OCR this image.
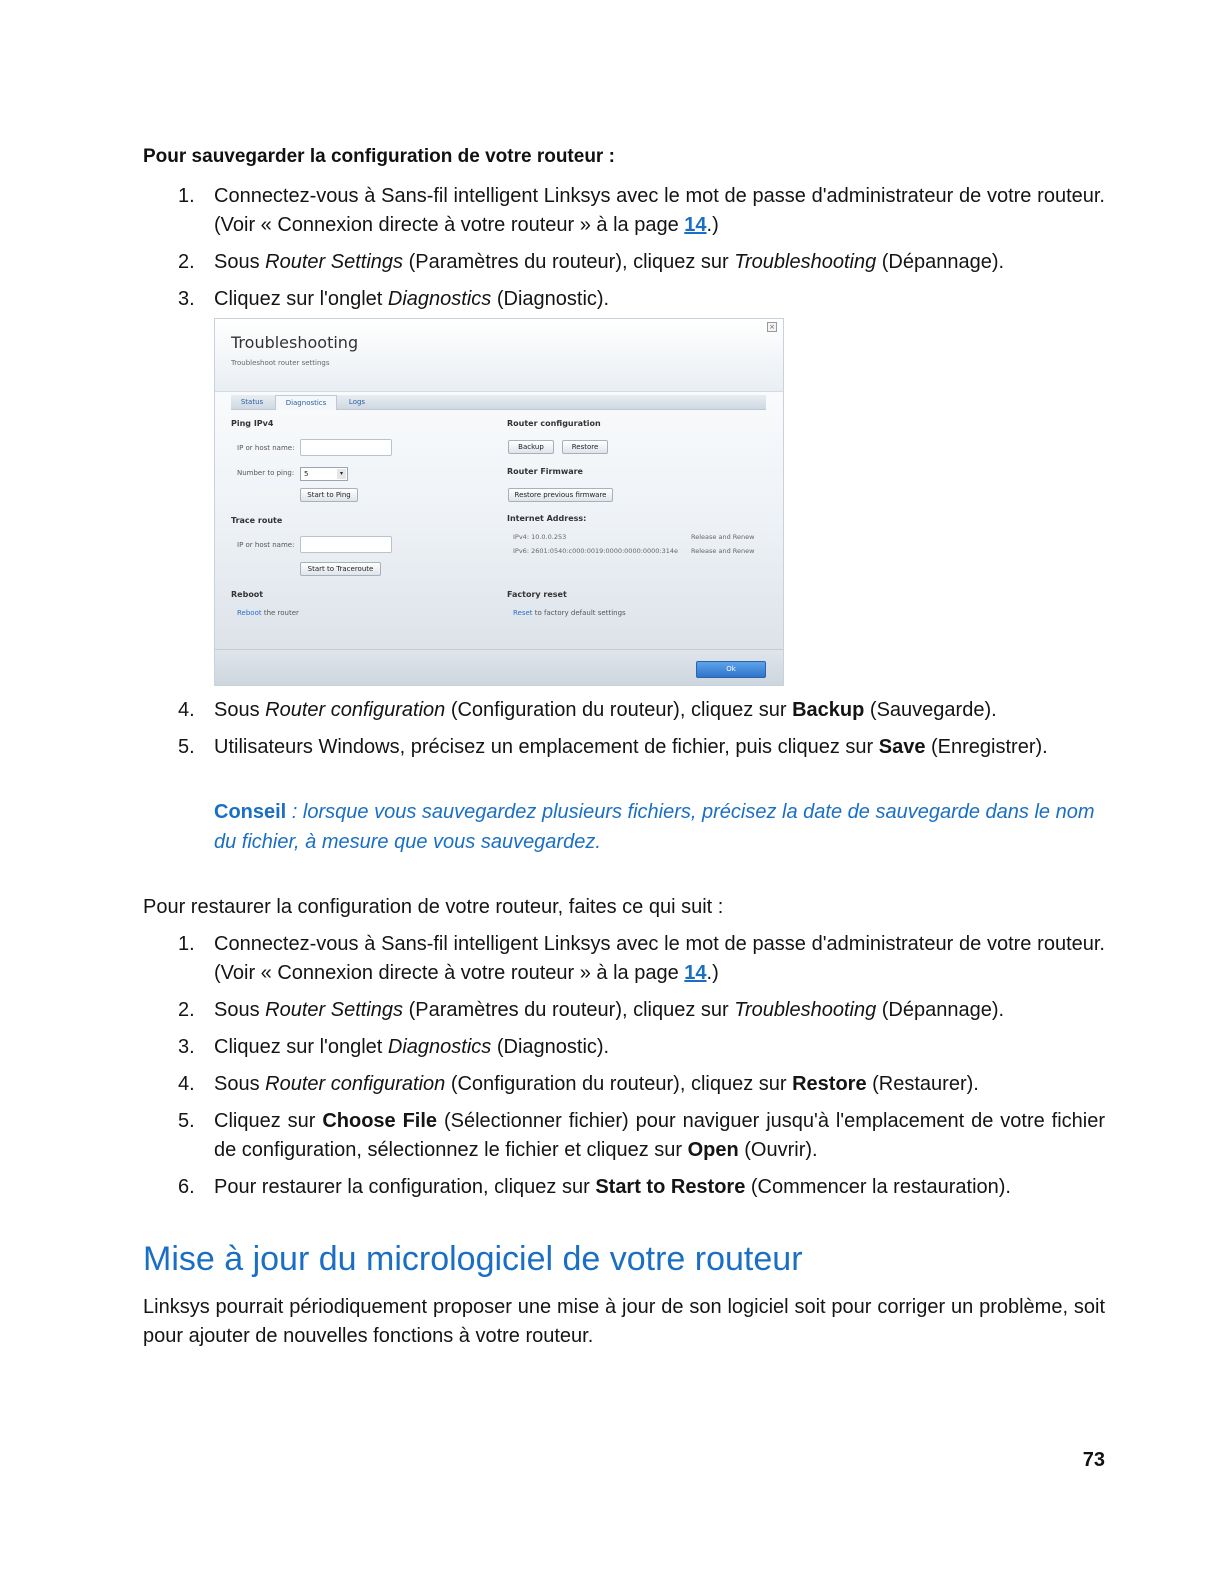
Pour sauvegarder la configuration de votre routeur :
1. Connectez-vous à Sans-fil intelligent Linksys avec le mot de passe d'administrateur de votre routeur. (Voir « Connexion directe à votre routeur » à la page 14.)
2. Sous Router Settings (Paramètres du routeur), cliquez sur Troubleshooting (Dépannage).
3. Cliquez sur l'onglet Diagnostics (Diagnostic).
Troubleshooting
Troubleshoot router settings
×
Status	Diagnostics	Logs
Ping IPv4
IP or host name:
Number to ping:	5	▾
Start to Ping
Trace route
IP or host name:
Start to Traceroute
Reboot
Reboot the router
Router configuration
Backup	Restore
Router Firmware
Restore previous firmware
Internet Address:
IPv4: 10.0.0.253	Release and Renew
IPv6: 2601:0540:c000:0019:0000:0000:0000:314e Release and Renew
Factory reset
Reset to factory default settings
Ok
4. Sous Router configuration (Configuration du routeur), cliquez sur Backup (Sauvegarde).
5. Utilisateurs Windows, précisez un emplacement de fichier, puis cliquez sur Save (Enregistrer).
Conseil : lorsque vous sauvegardez plusieurs fichiers, précisez la date de sauvegarde dans le nom du fichier, à mesure que vous sauvegardez.
Pour restaurer la configuration de votre routeur, faites ce qui suit :
1. Connectez-vous à Sans-fil intelligent Linksys avec le mot de passe d'administrateur de votre routeur. (Voir « Connexion directe à votre routeur » à la page 14.)
2. Sous Router Settings (Paramètres du routeur), cliquez sur Troubleshooting (Dépannage).
3. Cliquez sur l'onglet Diagnostics (Diagnostic).
4. Sous Router configuration (Configuration du routeur), cliquez sur Restore (Restaurer).
5. Cliquez sur Choose File (Sélectionner fichier) pour naviguer jusqu'à l'emplacement de votre fichier de configuration, sélectionnez le fichier et cliquez sur Open (Ouvrir).
6. Pour restaurer la configuration, cliquez sur Start to Restore (Commencer la restauration).
Mise à jour du micrologiciel de votre routeur
Linksys pourrait périodiquement proposer une mise à jour de son logiciel soit pour corriger un problème, soit pour ajouter de nouvelles fonctions à votre routeur.
73
